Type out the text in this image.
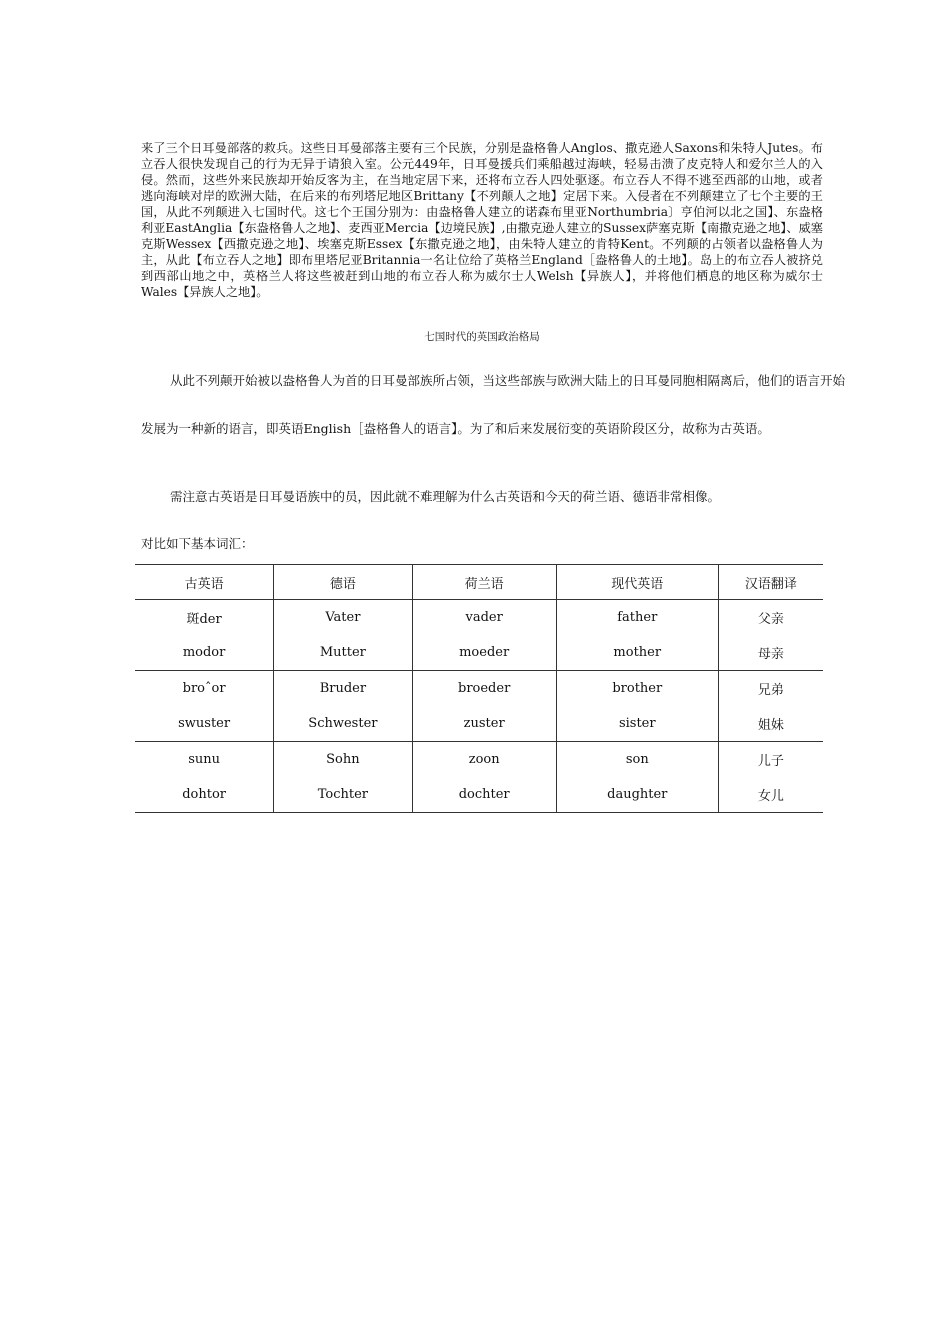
来了三个日耳曼部落的救兵。这些日耳曼部落主要有三个民族，分别是盎格鲁人Anglos、撒克逊人Saxons和朱特人Jutes。布立吞人很快发现自己的行为无异于请狼入室。公元449年，日耳曼援兵们乘船越过海峡，轻易击溃了皮克特人和爱尔兰人的入侵。然而，这些外来民族却开始反客为主，在当地定居下来，还将布立吞人四处驱逐。布立吞人不得不逃至西部的山地，或者逃向海峡对岸的欧洲大陆，在后来的布列塔尼地区Brittany【不列颠人之地】定居下来。入侵者在不列颠建立了七个主要的王国，从此不列颠进入七国时代。这七个王国分别为：由盎格鲁人建立的诺森布里亚Northumbria〕亨伯河以北之国】、东盎格利亚EastAnglia【东盎格鲁人之地】、麦西亚Mercia【边境民族】,由撒克逊人建立的Sussex萨塞克斯【南撒克逊之地】、威塞克斯Wessex【西撒克逊之地】、埃塞克斯Essex【东撒克逊之地】，由朱特人建立的肯特Kent。不列颠的占领者以盎格鲁人为主，从此【布立吞人之地】即布里塔尼亚Britannia一名让位给了英格兰England［盎格鲁人的土地】。岛上的布立吞人被挤兑到西部山地之中，英格兰人将这些被赶到山地的布立吞人称为威尔士人Welsh【异族人】，并将他们栖息的地区称为威尔士Wales【异族人之地】。

七国时代的英国政治格局

从此不列颠开始被以盎格鲁人为首的日耳曼部族所占领，当这些部族与欧洲大陆上的日耳曼同胞相隔离后，他们的语言开始

发展为一种新的语言，即英语English［盎格鲁人的语言】。为了和后来发展衍变的英语阶段区分，故称为古英语。

需注意古英语是日耳曼语族中的员，因此就不难理解为什么古英语和今天的荷兰语、德语非常相像。

对比如下基本词汇：

古英语	德语	荷兰语	现代英语	汉语翻译
斑der	Vater	vader	father	父亲
modor	Mutter	moeder	mother	母亲
broˆor	Bruder	broeder	brother	兄弟
swuster	Schwester	zuster	sister	姐妹
sunu	Sohn	zoon	son	儿子
dohtor	Tochter	dochter	daughter	女儿
